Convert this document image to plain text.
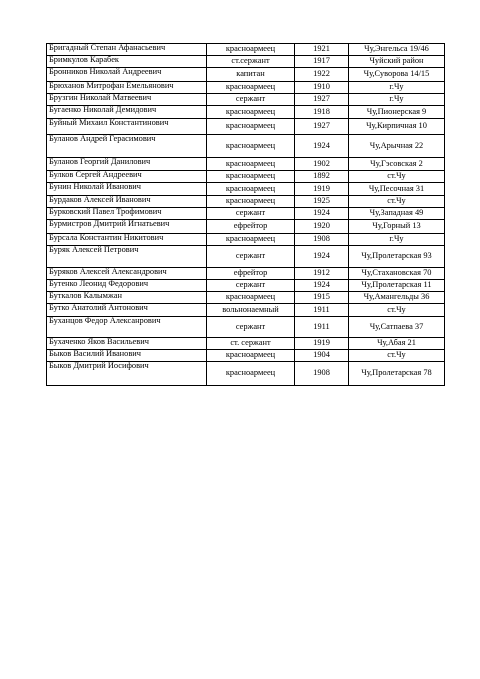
Бригадный Степан Афанасьевич	красноармеец	1921	Чу,Энгельса 19/46
Бримкулов Карабек	ст.сержант	1917	Чуйский район
Бронников Николай Андреевич	капитан	1922	Чу,Суворова 14/15
Брюханов Митрофан Емельянович	красноармеец	1910	г.Чу
Брузгин Николай Матвеевич	сержант	1927	г.Чу
Бугаенко Николай Демидович	красноармеец	1918	Чу,Пионерская 9
Буйный Михаил Константинович	красноармеец	1927	Чу,Кирпичная 10
Буланов Андрей Герасимович	красноармеец	1924	Чу,Арычная 22
Буланов Георгий Данилович	красноармеец	1902	Чу,Гэсовская 2
Булков Сергей Андреевич	красноармеец	1892	ст.Чу
Бунин Николай Иванович	красноармеец	1919	Чу,Песочная 31
Бурдаков Алексей Иванович	красноармеец	1925	ст.Чу
Бурковский Павел Трофимович	сержант	1924	Чу,Западная 49
Бурмистров Дмитрий Игнатьевич	ефрейтор	1920	Чу,Горный 13
Бурсала Константин Никитович	красноармеец	1908	г.Чу
Буряк Алексей Петрович	сержант	1924	Чу,Пролетарская 93
Буряков Алексей Александрович	ефрейтор	1912	Чу,Стахановская 70
Бутенко Леонид Федорович	сержант	1924	Чу,Пролетарская 11
Буткалов Калымжан	красноармеец	1915	Чу,Амангельды 36
Бутко Анатолий Антонович	вольнонаемный	1911	ст.Чу
Буханцов Федор Алексанрович	сержант	1911	Чу,Сатпаева 37
Бухаченко Яков Васильевич	ст. сержант	1919	Чу,Абая 21
Быков Василий Иванович	красноармеец	1904	ст.Чу
Быков Дмитрий Иосифович	красноармеец	1908	Чу,Пролетарская 78
